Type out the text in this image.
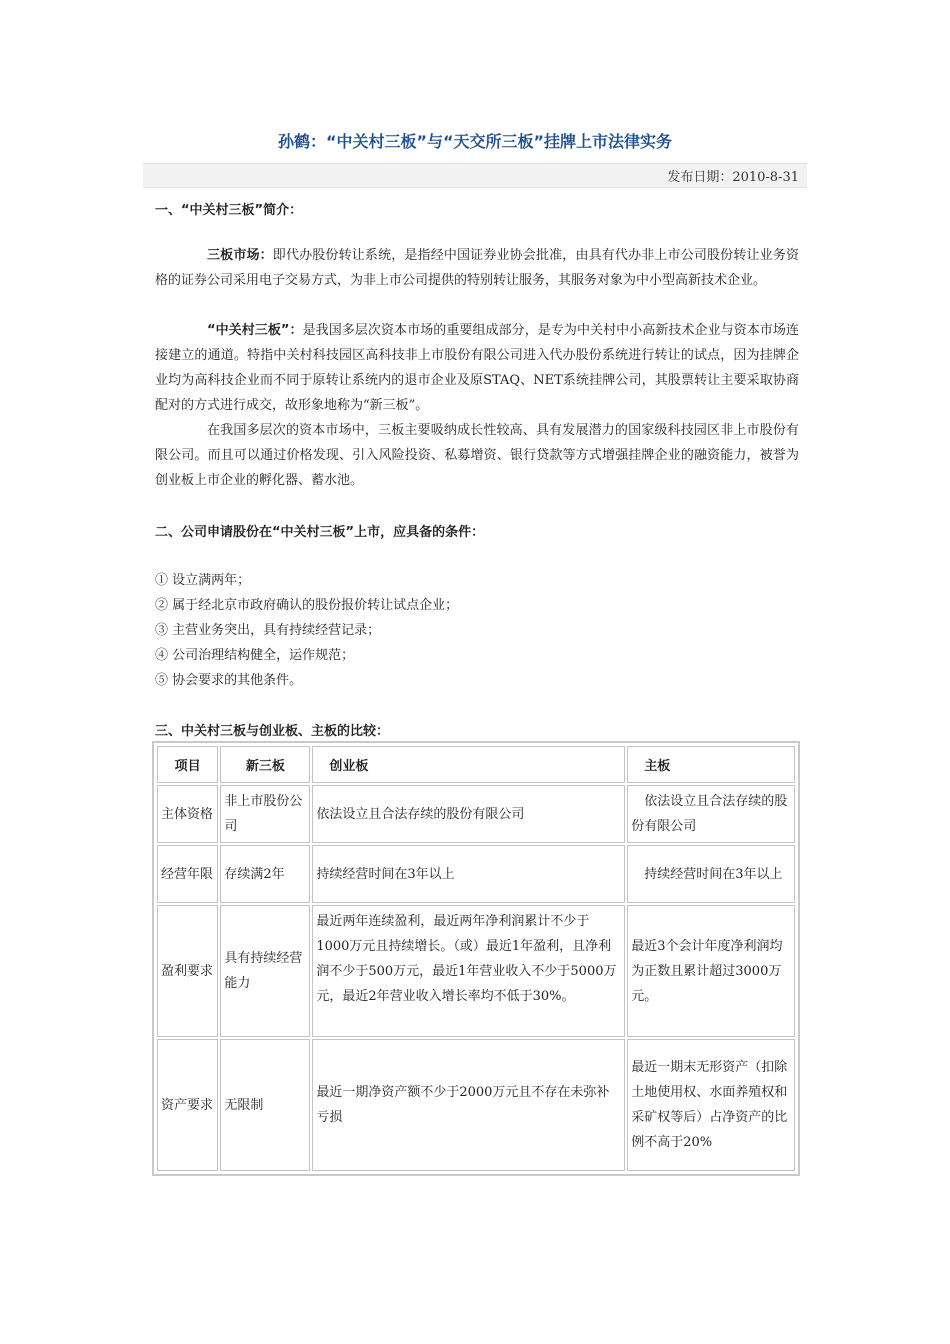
孙鹤：“中关村三板”与“天交所三板”挂牌上市法律实务
发布日期：2010-8-31
一、“中关村三板”简介：
三板市场：即代办股份转让系统，是指经中国证券业协会批准，由具有代办非上市公司股份转让业务资格的证券公司采用电子交易方式，为非上市公司提供的特别转让服务，其服务对象为中小型高新技术企业。
“中关村三板”：是我国多层次资本市场的重要组成部分，是专为中关村中小高新技术企业与资本市场连接建立的通道。特指中关村科技园区高科技非上市股份有限公司进入代办股份系统进行转让的试点，因为挂牌企业均为高科技企业而不同于原转让系统内的退市企业及原STAQ、NET系统挂牌公司，其股票转让主要采取协商配对的方式进行成交，故形象地称为“新三板”。
在我国多层次的资本市场中，三板主要吸纳成长性较高、具有发展潜力的国家级科技园区非上市股份有限公司。而且可以通过价格发现、引入风险投资、私募增资、银行贷款等方式增强挂牌企业的融资能力，被誉为创业板上市企业的孵化器、蓄水池。
二、公司申请股份在“中关村三板”上市，应具备的条件：
① 设立满两年；
② 属于经北京市政府确认的股份报价转让试点企业；
③ 主营业务突出，具有持续经营记录；
④ 公司治理结构健全，运作规范；
⑤ 协会要求的其他条件。
三、中关村三板与创业板、主板的比较：
项目	新三板	创业板	主板
主体资格	非上市股份公司	依法设立且合法存续的股份有限公司	　依法设立且合法存续的股份有限公司
经营年限	存续满2年	持续经营时间在3年以上	　持续经营时间在3年以上
盈利要求	具有持续经营能力	最近两年连续盈利，最近两年净利润累计不少于1000万元且持续增长。（或）最近1年盈利，且净利润不少于500万元，最近1年营业收入不少于5000万元，最近2年营业收入增长率均不低于30%。	最近3个会计年度净利润均为正数且累计超过3000万元。
资产要求	无限制	最近一期净资产额不少于2000万元且不存在未弥补亏损	最近一期末无形资产（扣除土地使用权、水面养殖权和采矿权等后）占净资产的比例不高于20%
